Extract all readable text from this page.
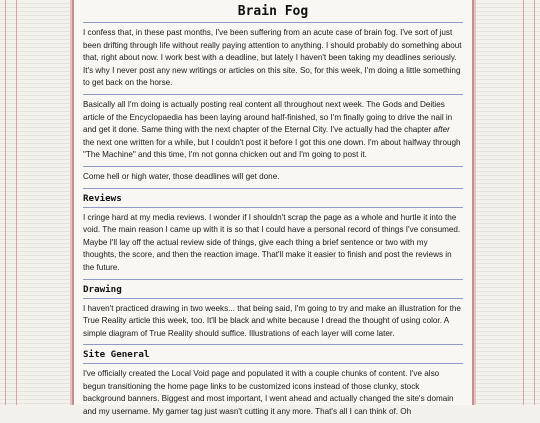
Brain Fog

I confess that, in these past months, I've been suffering from an acute case of brain fog. I've sort of just been drifting through life without really paying attention to anything. I should probably do something about that, right about now. I work best with a deadline, but lately I haven't been taking my deadlines seriously. It's why I never post any new writings or articles on this site. So, for this week, I'm doing a little something to get back on the horse.

Basically all I'm doing is actually posting real content all throughout next week. The Gods and Deities article of the Encyclopaedia has been laying around half-finished, so I'm finally going to drive the nail in and get it done. Same thing with the next chapter of the Eternal City. I've actually had the chapter after the next one written for a while, but I couldn't post it before I got this one down. I'm about halfway through "The Machine" and this time, I'm not gonna chicken out and I'm going to post it.

Come hell or high water, those deadlines will get done.

Reviews

I cringe hard at my media reviews. I wonder if I shouldn't scrap the page as a whole and hurtle it into the void. The main reason I came up with it is so that I could have a personal record of things I've consumed. Maybe I'll lay off the actual review side of things, give each thing a brief sentence or two with my thoughts, the score, and then the reaction image. That'll make it easier to finish and post the reviews in the future.

Drawing

I haven't practiced drawing in two weeks... that being said, I'm going to try and make an illustration for the True Reality article this week, too. It'll be black and white because I dread the thought of using color. A simple diagram of True Reality should suffice. Illustrations of each layer will come later.

Site General

I've officially created the Local Void page and populated it with a couple chunks of content. I've also begun transitioning the home page links to be customized icons instead of those clunky, stock background banners. Biggest and most important, I went ahead and actually changed the site's domain and my username. My gamer tag just wasn't cutting it any more. That's all I can think of. Oh
